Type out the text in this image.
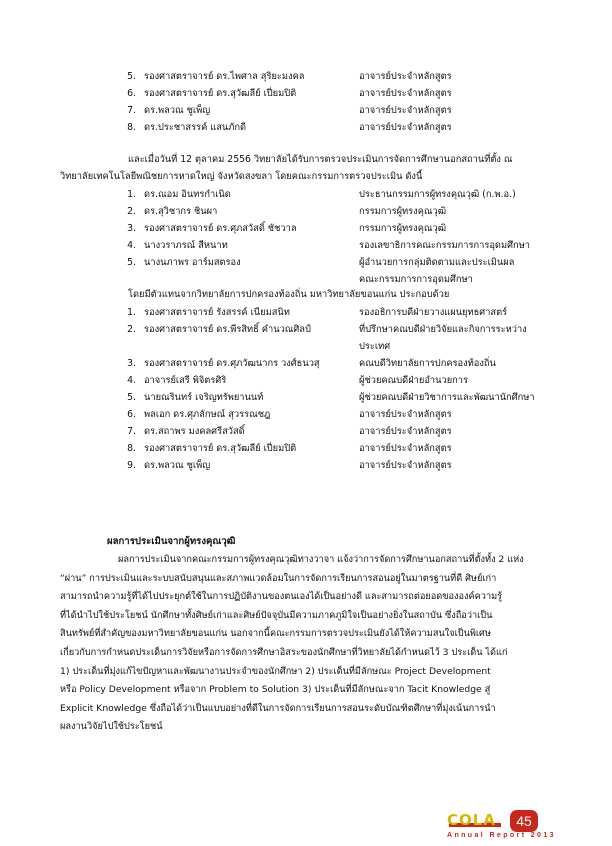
5. รองศาสตราจารย์ ดร.ไพศาล สุริยะมงคล	อาจารย์ประจำหลักสูตร
6. รองศาสตราจารย์ ดร.สุวัฒลีย์ เปี่ยมปิติ	อาจารย์ประจำหลักสูตร
7. ดร.พลวณ ชูเพ็ญ	อาจารย์ประจำหลักสูตร
8. ดร.ประชาสรรค์ แสนภักดี	อาจารย์ประจำหลักสูตร
และเมื่อวันที่ 12 ตุลาคม 2556 วิทยาลัยได้รับการตรวจประเมินการจัดการศึกษานอกสถานที่ตั้ง ณ
วิทยาลัยเทคโนโลยีพณิชยการหาดใหญ่ จังหวัดสงขลา โดยคณะกรรมการตรวจประเมิน ดังนี้
1. ดร.ณอม อินทรกำเนิด	ประธานกรรมการผู้ทรงคุณวุฒิ (ก.พ.อ.)
2. ดร.สุวิชากร ชินผา	กรรมการผู้ทรงคุณวุฒิ
3. รองศาสตราจารย์ ดร.ศุภสวัสดิ์ ชัชวาล	กรรมการผู้ทรงคุณวุฒิ
4. นางวราภรณ์ สีหนาท	รองเลขาธิการคณะกรรมการการอุดมศึกษา
5. นางนภาพร อาร์มสตรอง	ผู้อำนวยการกลุ่มติดตามและประเมินผล
คณะกรรมการการอุดมศึกษา
โดยมีตัวแทนจากวิทยาลัยการปกครองท้องถิ่น มหาวิทยาลัยขอนแก่น ประกอบด้วย
1. รองศาสตราจารย์ รังสรรค์ เนียมสนิท	รองอธิการบดีฝ่ายวางแผนยุทธศาสตร์
2. รองศาสตราจารย์ ดร.พีรสิทธิ์ คำนวณศิลป์	ที่ปรึกษาคณบดีฝ่ายวิจัยและกิจการระหว่าง
ประเทศ
3. รองศาสตราจารย์ ดร.ศุภวัฒนากร วงศ์ธนวสุ	คณบดีวิทยาลัยการปกครองท้องถิ่น
4. อาจารย์เสรี พิจิตรศิริ	ผู้ช่วยคณบดีฝ่ายอำนวยการ
5. นายณรินทร์ เจริญทรัพยานนท์	ผู้ช่วยคณบดีฝ่ายวิชาการและพัฒนานักศึกษา
6. พลเอก ดร.ศุภลักษณ์ สุวรรณชฎ	อาจารย์ประจำหลักสูตร
7. ดร.สถาพร มงคลศรีสวัสดิ์	อาจารย์ประจำหลักสูตร
8. รองศาสตราจารย์ ดร.สุวัฒลีย์ เปี่ยมปิติ	อาจารย์ประจำหลักสูตร
9. ดร.พลวณ ชูเพ็ญ	อาจารย์ประจำหลักสูตร
ผลการประเมินจากผู้ทรงคุณวุฒิ
ผลการประเมินจากคณะกรรมการผู้ทรงคุณวุฒิทางวาจา แจ้งว่าการจัดการศึกษานอกสถานที่ตั้งทั้ง 2 แห่ง
“ผ่าน” การประเมินและระบบสนับสนุนและสภาพแวดล้อมในการจัดการเรียนการสอนอยู่ในมาตรฐานที่ดี ศิษย์เก่า
สามารถนำความรู้ที่ได้ไปประยุกต์ใช้ในการปฏิบัติงานของตนเองได้เป็นอย่างดี และสามารถต่อยอดขององค์ความรู้
ที่ได้นำไปใช้ประโยชน์ นักศึกษาทั้งศิษย์เก่าและศิษย์ปัจจุบันมีความภาคภูมิใจเป็นอย่างยิ่งในสถาบัน ซึ่งถือว่าเป็น
สินทรัพย์ที่สำคัญของมหาวิทยาลัยขอนแก่น นอกจากนี้คณะกรรมการตรวจประเมินยังได้ให้ความสนใจเป็นพิเศษ
เกี่ยวกับการกำหนดประเด็นการวิจัยหรือการจัดการศึกษาอิสระของนักศึกษาที่วิทยาลัยได้กำหนดไว้ 3 ประเด็น ได้แก่
1) ประเด็นที่มุ่งแก้ไขปัญหาและพัฒนางานประจำของนักศึกษา 2) ประเด็นที่มีลักษณะ Project Development
หรือ Policy Development หรือจาก Problem to Solution 3) ประเด็นที่มีลักษณะจาก Tacit Knowledge สู่
Explicit Knowledge ซึ่งถือได้ว่าเป็นแบบอย่างที่ดีในการจัดการเรียนการสอนระดับบัณฑิตศึกษาที่มุ่งเน้นการนำ
ผลงานวิจัยไปใช้ประโยชน์
COLA	45
Annual Report 2013
